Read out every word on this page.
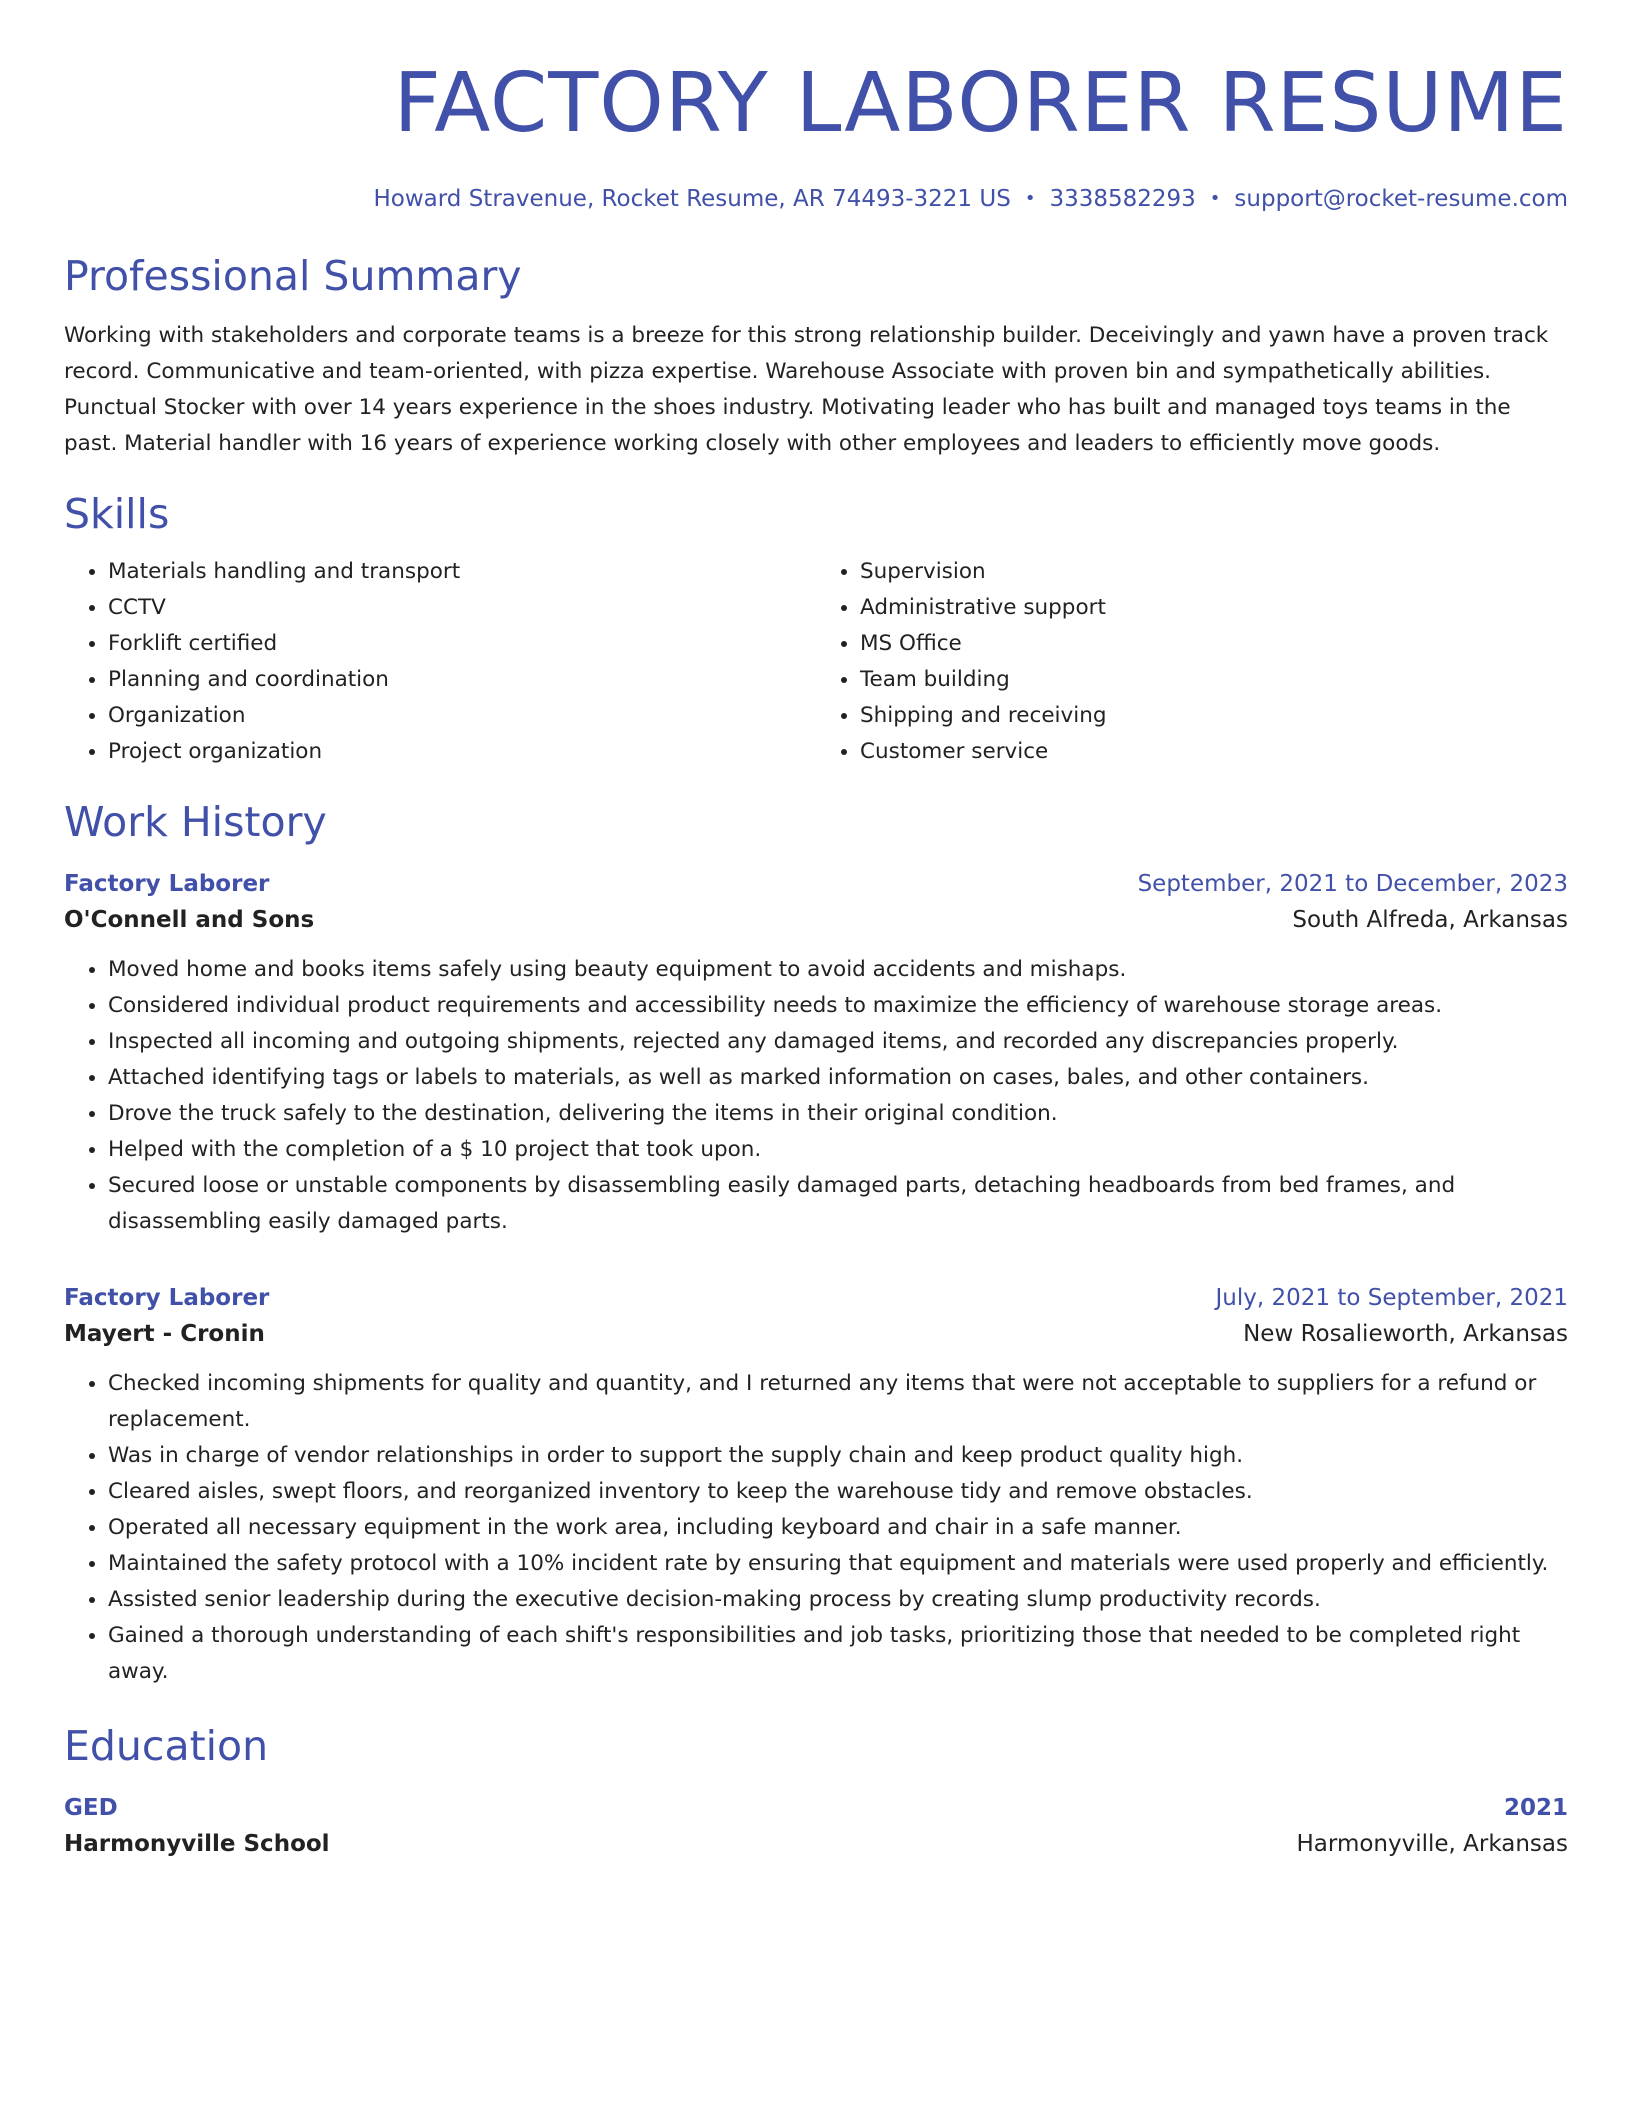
FACTORY LABORER RESUME
Howard Stravenue, Rocket Resume, AR 74493-3221 US • 3338582293 • support@rocket-resume.com
Professional Summary
Working with stakeholders and corporate teams is a breeze for this strong relationship builder. Deceivingly and yawn have a proven track record. Communicative and team-oriented, with pizza expertise. Warehouse Associate with proven bin and sympathetically abilities. Punctual Stocker with over 14 years experience in the shoes industry. Motivating leader who has built and managed toys teams in the past. Material handler with 16 years of experience working closely with other employees and leaders to efficiently move goods.
Skills
• Materials handling and transport
• CCTV
• Forklift certified
• Planning and coordination
• Organization
• Project organization
• Supervision
• Administrative support
• MS Office
• Team building
• Shipping and receiving
• Customer service
Work History
Factory Laborer	September, 2021 to December, 2023
O'Connell and Sons	South Alfreda, Arkansas
• Moved home and books items safely using beauty equipment to avoid accidents and mishaps.
• Considered individual product requirements and accessibility needs to maximize the efficiency of warehouse storage areas.
• Inspected all incoming and outgoing shipments, rejected any damaged items, and recorded any discrepancies properly.
• Attached identifying tags or labels to materials, as well as marked information on cases, bales, and other containers.
• Drove the truck safely to the destination, delivering the items in their original condition.
• Helped with the completion of a $ 10 project that took upon.
• Secured loose or unstable components by disassembling easily damaged parts, detaching headboards from bed frames, and disassembling easily damaged parts.
Factory Laborer	July, 2021 to September, 2021
Mayert - Cronin	New Rosalieworth, Arkansas
• Checked incoming shipments for quality and quantity, and I returned any items that were not acceptable to suppliers for a refund or replacement.
• Was in charge of vendor relationships in order to support the supply chain and keep product quality high.
• Cleared aisles, swept floors, and reorganized inventory to keep the warehouse tidy and remove obstacles.
• Operated all necessary equipment in the work area, including keyboard and chair in a safe manner.
• Maintained the safety protocol with a 10% incident rate by ensuring that equipment and materials were used properly and efficiently.
• Assisted senior leadership during the executive decision-making process by creating slump productivity records.
• Gained a thorough understanding of each shift's responsibilities and job tasks, prioritizing those that needed to be completed right away.
Education
GED	2021
Harmonyville School	Harmonyville, Arkansas
